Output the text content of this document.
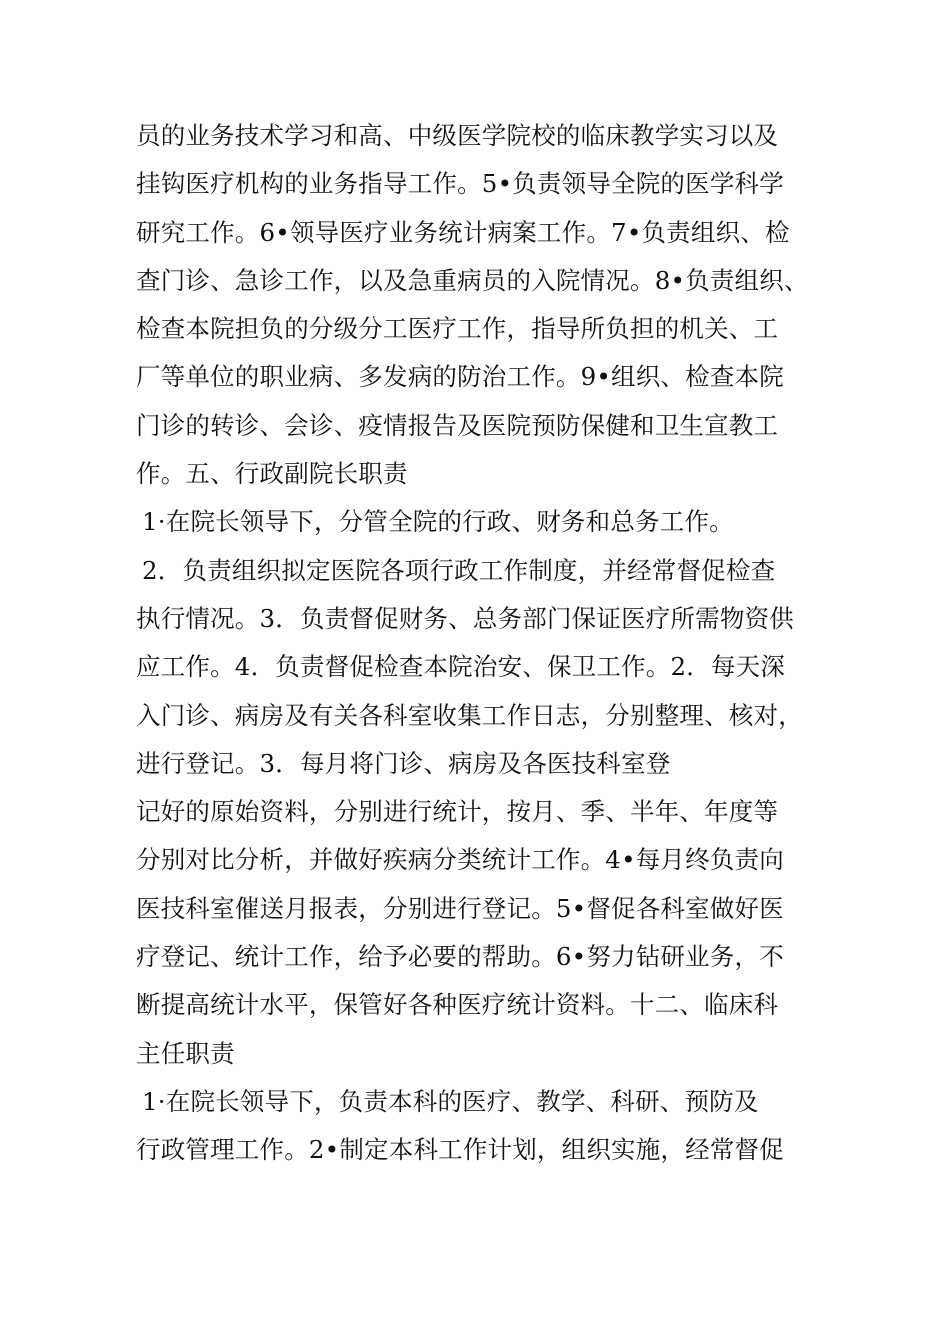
员的业务技术学习和高、中级医学院校的临床教学实习以及
挂钩医疗机构的业务指导工作。5•负责领导全院的医学科学
研究工作。6•领导医疗业务统计病案工作。7•负责组织、检
查门诊、急诊工作，以及急重病员的入院情况。8•负责组织、
检查本院担负的分级分工医疗工作，指导所负担的机关、工
厂等单位的职业病、多发病的防治工作。9•组织、检查本院
门诊的转诊、会诊、疫情报告及医院预防保健和卫生宣教工
作。五、行政副院长职责
1·在院长领导下，分管全院的行政、财务和总务工作。
2．负责组织拟定医院各项行政工作制度，并经常督促检查
执行情况。3．负责督促财务、总务部门保证医疗所需物资供
应工作。4．负责督促检查本院治安、保卫工作。2．每天深
入门诊、病房及有关各科室收集工作日志，分别整理、核对，
进行登记。3．每月将门诊、病房及各医技科室登
记好的原始资料，分别进行统计，按月、季、半年、年度等
分别对比分析，并做好疾病分类统计工作。4•每月终负责向
医技科室催送月报表，分别进行登记。5•督促各科室做好医
疗登记、统计工作，给予必要的帮助。6•努力钻研业务，不
断提高统计水平，保管好各种医疗统计资料。十二、临床科
主任职责
1·在院长领导下，负责本科的医疗、教学、科研、预防及
行政管理工作。2•制定本科工作计划，组织实施，经常督促
